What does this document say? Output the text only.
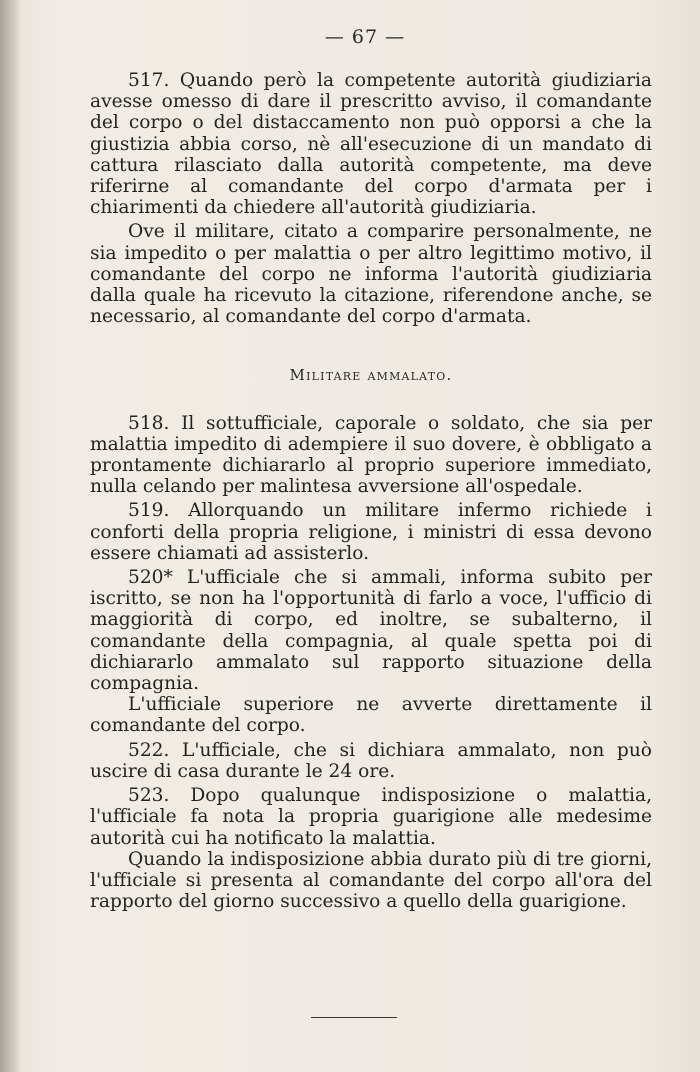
— 67 —

517. Quando però la competente autorità giudiziaria avesse omesso di dare il prescritto avviso, il comandante del corpo o del distaccamento non può opporsi a che la giustizia abbia corso, nè all'esecuzione di un mandato di cattura rilasciato dalla autorità competente, ma deve riferirne al comandante del corpo d'armata per i chiarimenti da chiedere all'autorità giudiziaria.

Ove il militare, citato a comparire personalmente, ne sia impedito o per malattia o per altro legittimo motivo, il comandante del corpo ne informa l'autorità giudiziaria dalla quale ha ricevuto la citazione, riferendone anche, se necessario, al comandante del corpo d'armata.

Militare ammalato.

518. Il sottufficiale, caporale o soldato, che sia per malattia impedito di adempiere il suo dovere, è obbligato a prontamente dichiararlo al proprio superiore immediato, nulla celando per malintesa avversione all'ospedale.

519. Allorquando un militare infermo richiede i conforti della propria religione, i ministri di essa devono essere chiamati ad assisterlo.

520* L'ufficiale che si ammali, informa subito per iscritto, se non ha l'opportunità di farlo a voce, l'ufficio di maggiorità di corpo, ed inoltre, se subalterno, il comandante della compagnia, al quale spetta poi di dichiararlo ammalato sul rapporto situazione della compagnia.

L'ufficiale superiore ne avverte direttamente il comandante del corpo.

522. L'ufficiale, che si dichiara ammalato, non può uscire di casa durante le 24 ore.

523. Dopo qualunque indisposizione o malattia, l'ufficiale fa nota la propria guarigione alle medesime autorità cui ha notificato la malattia.

Quando la indisposizione abbia durato più di tre giorni, l'ufficiale si presenta al comandante del corpo all'ora del rapporto del giorno successivo a quello della guarigione.
